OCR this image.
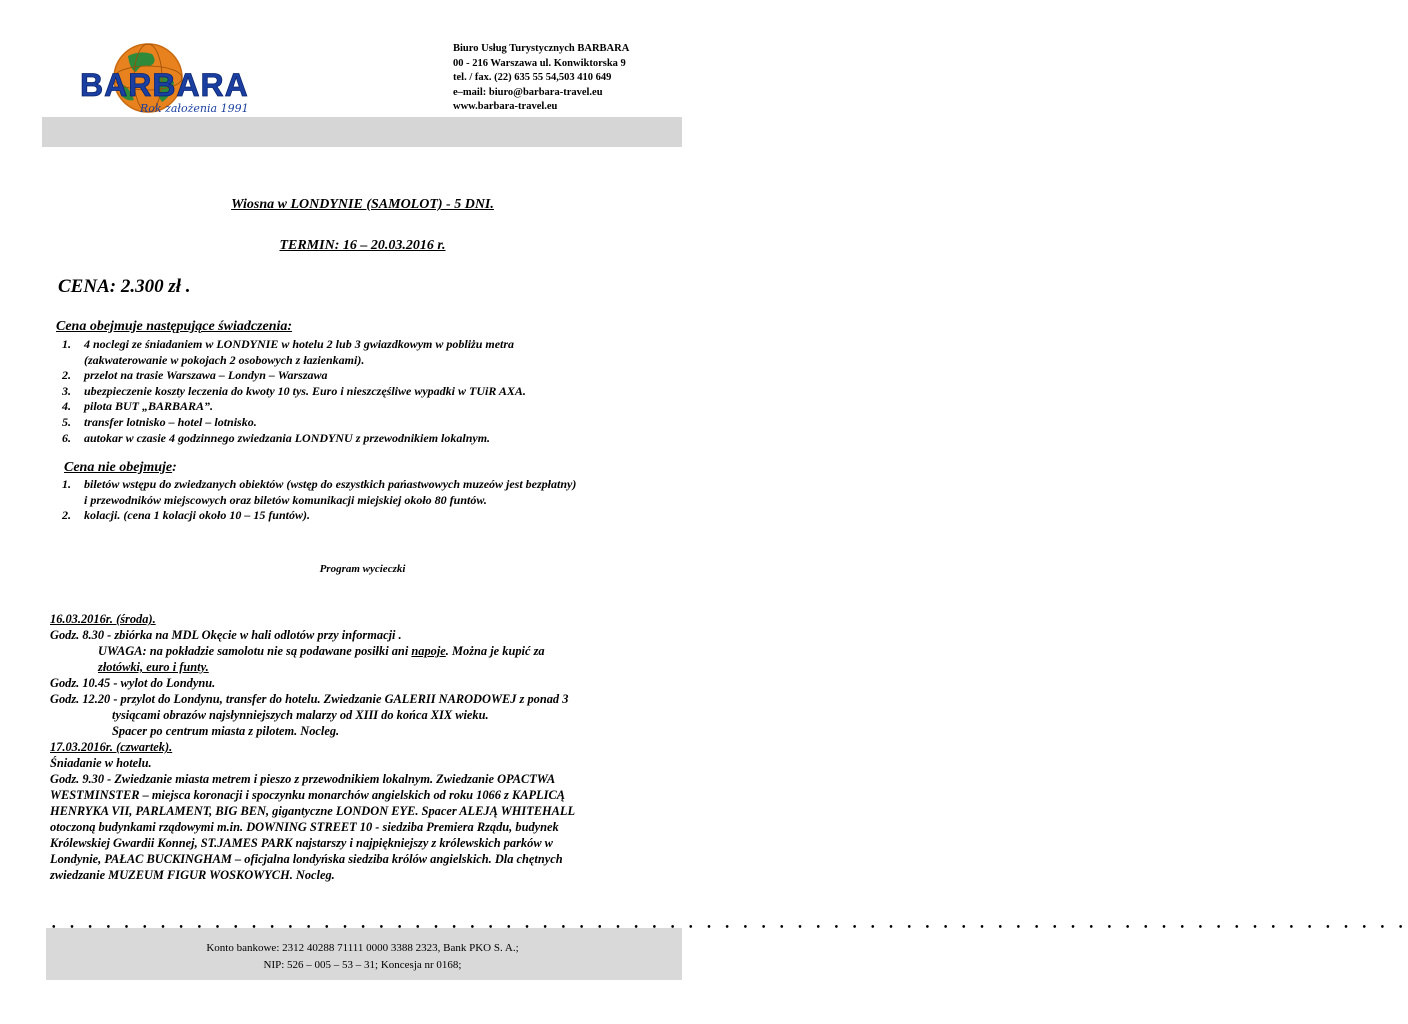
BARBARA
Rok założenia 1991
Biuro Usług Turystycznych BARBARA
00 - 216 Warszawa ul. Konwiktorska 9
tel. / fax. (22) 635 55 54,503 410 649
e–mail: biuro@barbara-travel.eu
www.barbara-travel.eu
Wiosna w LONDYNIE (SAMOLOT) - 5 DNI.
TERMIN: 16 – 20.03.2016 r.
CENA: 2.300 zł .
Cena obejmuje następujące świadczenia:
1. 4 noclegi ze śniadaniem w LONDYNIE w hotelu 2 lub 3 gwiazdkowym w pobliżu metra
(zakwaterowanie w pokojach 2 osobowych z łazienkami).
2. przelot na trasie Warszawa – Londyn – Warszawa
3. ubezpieczenie koszty leczenia do kwoty 10 tys. Euro i nieszczęśliwe wypadki w TUiR AXA.
4. pilota BUT „BARBARA”.
5. transfer lotnisko – hotel – lotnisko.
6. autokar w czasie 4 godzinnego zwiedzania LONDYNU z przewodnikiem lokalnym.
Cena nie obejmuje:
1. biletów wstępu do zwiedzanych obiektów (wstęp do eszystkich pańastwowych muzeów jest bezpłatny)
i przewodników miejscowych oraz biletów komunikacji miejskiej około 80 funtów.
2. kolacji. (cena 1 kolacji około 10 – 15 funtów).
Program wycieczki
16.03.2016r. (środa).
Godz. 8.30 - zbiórka na MDL Okęcie w hali odlotów przy informacji .
UWAGA: na pokładzie samolotu nie są podawane posiłki ani napoje. Można je kupić za
złotówki, euro i funty.
Godz. 10.45 - wylot do Londynu.
Godz. 12.20 - przylot do Londynu, transfer do hotelu. Zwiedzanie GALERII NARODOWEJ z ponad 3
tysiącami obrazów najsłynniejszych malarzy od XIII do końca XIX wieku.
Spacer po centrum miasta z pilotem. Nocleg.
17.03.2016r. (czwartek).
Śniadanie w hotelu.
Godz. 9.30 - Zwiedzanie miasta metrem i pieszo z przewodnikiem lokalnym. Zwiedzanie OPACTWA
WESTMINSTER – miejsca koronacji i spoczynku monarchów angielskich od roku 1066 z KAPLICĄ
HENRYKA VII, PARLAMENT, BIG BEN, gigantyczne LONDON EYE. Spacer ALEJĄ WHITEHALL
otoczoną budynkami rządowymi m.in. DOWNING STREET 10 - siedziba Premiera Rządu, budynek
Królewskiej Gwardii Konnej, ST.JAMES PARK najstarszy i najpiękniejszy z królewskich parków w
Londynie, PAŁAC BUCKINGHAM – oficjalna londyńska siedziba królów angielskich. Dla chętnych
zwiedzanie MUZEUM FIGUR WOSKOWYCH. Nocleg.
• • • • • • • • • • • • • • • • • • • • • • • • • • • • • • • • • • • • • • • • • • • • • • • • • • • • • • • • • • • • • • • • • • • • • • • • • • •
Konto bankowe: 2312 40288 71111 0000 3388 2323, Bank PKO S. A.;
NIP: 526 – 005 – 53 – 31; Koncesja nr 0168;
